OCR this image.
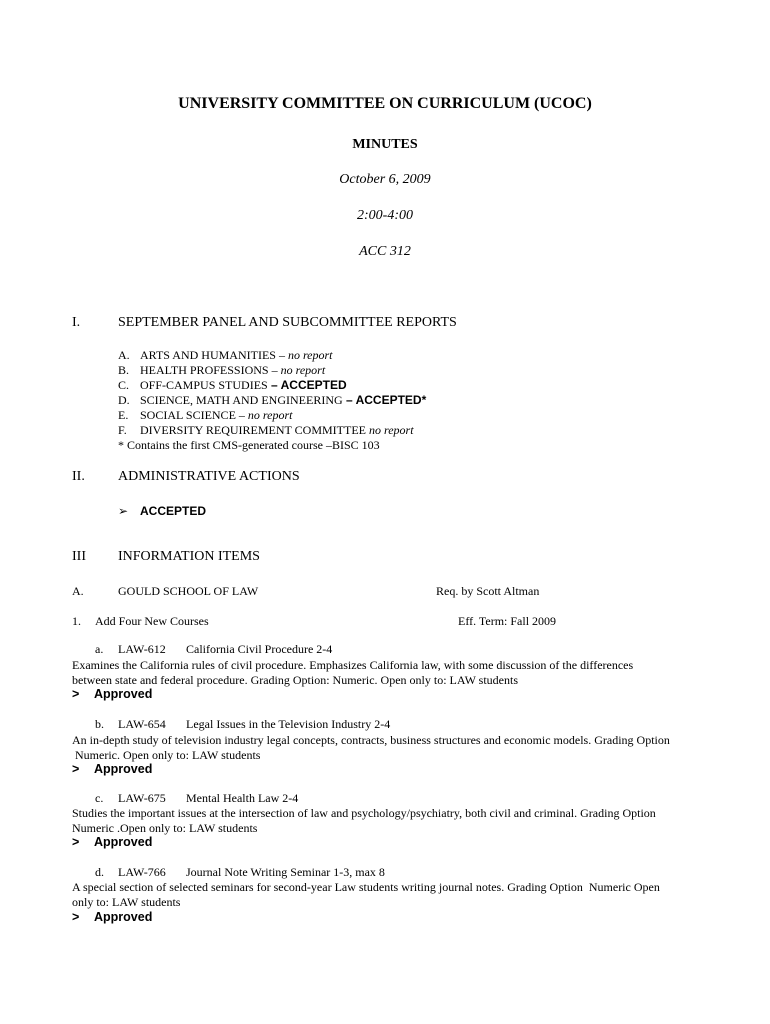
UNIVERSITY COMMITTEE ON CURRICULUM (UCOC)
MINUTES
October 6, 2009
2:00-4:00
ACC 312
I.	SEPTEMBER PANEL AND SUBCOMMITTEE REPORTS
A. ARTS AND HUMANITIES – no report
B. HEALTH PROFESSIONS – no report
C. OFF-CAMPUS STUDIES – ACCEPTED
D. SCIENCE, MATH AND ENGINEERING – ACCEPTED*
E. SOCIAL SCIENCE – no report
F. DIVERSITY REQUIREMENT COMMITTEE no report
* Contains the first CMS-generated course –BISC 103
II. ADMINISTRATIVE ACTIONS
➢ ACCEPTED
III INFORMATION ITEMS
A.	GOULD SCHOOL OF LAW	Req. by Scott Altman
1. Add Four New Courses	Eff. Term: Fall 2009
a. LAW-612 California Civil Procedure 2-4
Examines the California rules of civil procedure. Emphasizes California law, with some discussion of the differences
between state and federal procedure. Grading Option: Numeric. Open only to: LAW students
> Approved
b. LAW-654 Legal Issues in the Television Industry 2-4
An in-depth study of television industry legal concepts, contracts, business structures and economic models. Grading Option
Numeric. Open only to: LAW students
> Approved
c. LAW-675 Mental Health Law 2-4
Studies the important issues at the intersection of law and psychology/psychiatry, both civil and criminal. Grading Option
Numeric .Open only to: LAW students
> Approved
d. LAW-766 Journal Note Writing Seminar 1-3, max 8
A special section of selected seminars for second-year Law students writing journal notes. Grading Option  Numeric Open
only to: LAW students
> Approved
